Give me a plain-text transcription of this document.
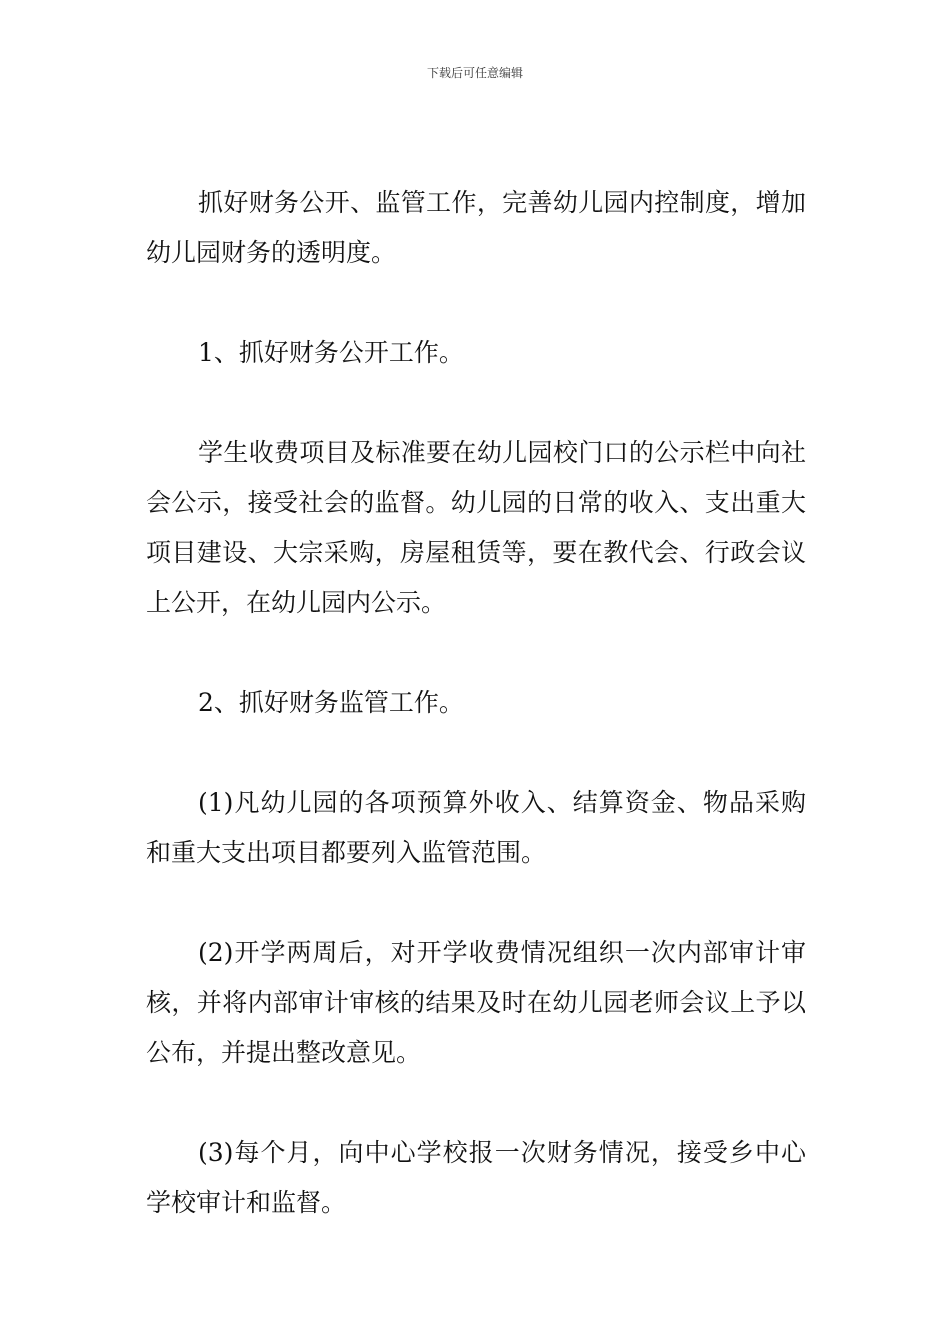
下载后可任意编辑

抓好财务公开、监管工作，完善幼儿园内控制度，增加幼儿园财务的透明度。

1、抓好财务公开工作。

学生收费项目及标准要在幼儿园校门口的公示栏中向社会公示，接受社会的监督。幼儿园的日常的收入、支出重大项目建设、大宗采购，房屋租赁等，要在教代会、行政会议上公开，在幼儿园内公示。

2、抓好财务监管工作。

(1)凡幼儿园的各项预算外收入、结算资金、物品采购和重大支出项目都要列入监管范围。

(2)开学两周后，对开学收费情况组织一次内部审计审核，并将内部审计审核的结果及时在幼儿园老师会议上予以公布，并提出整改意见。

(3)每个月，向中心学校报一次财务情况，接受乡中心学校审计和监督。
